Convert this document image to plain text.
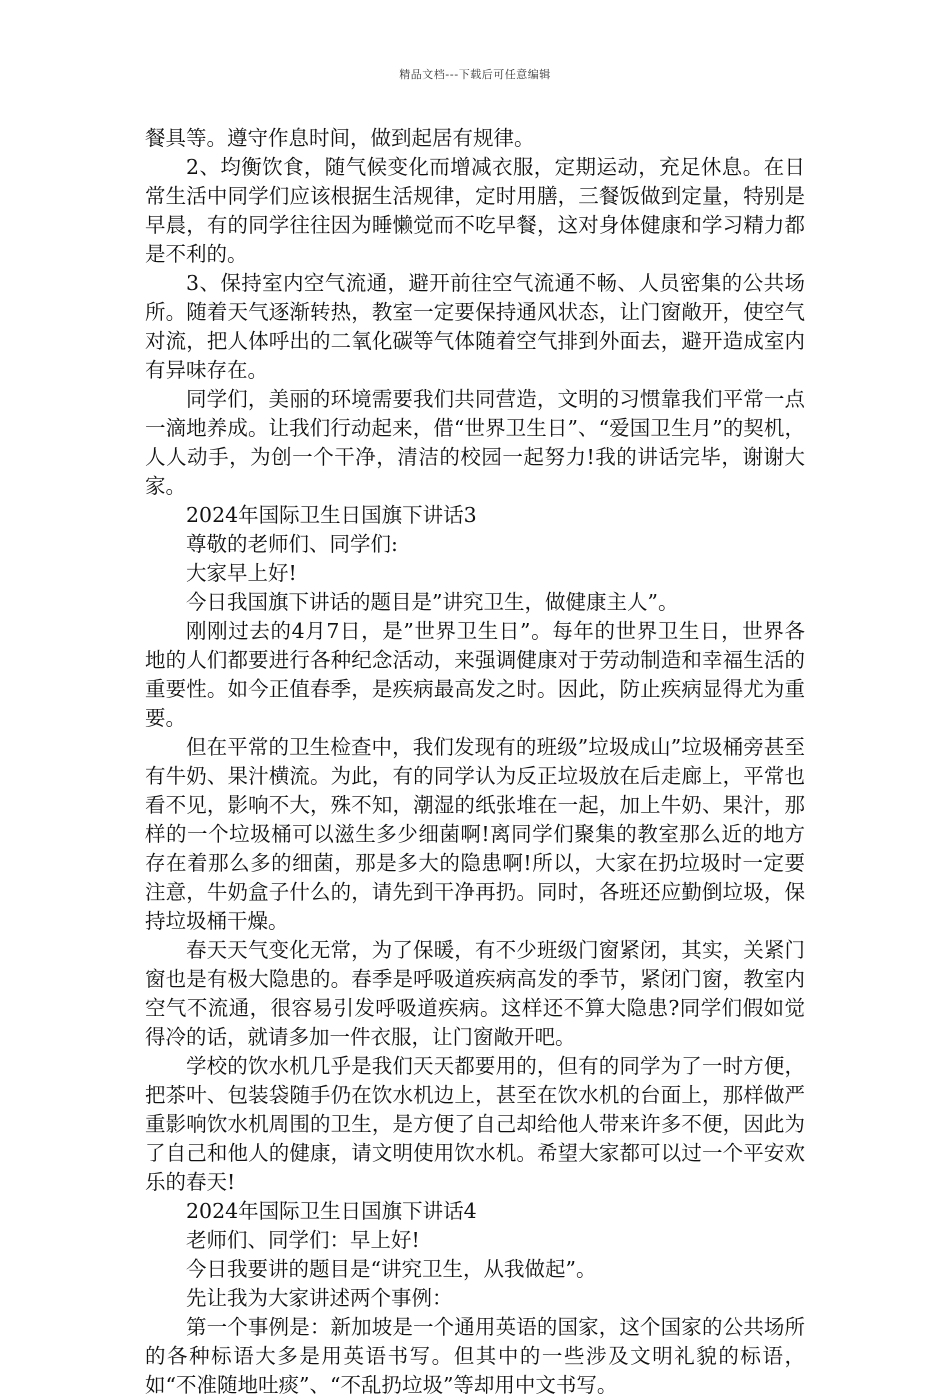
精品文档---下载后可任意编辑

餐具等。遵守作息时间，做到起居有规律。

2、均衡饮食，随气候变化而增减衣服，定期运动，充足休息。在日常生活中同学们应该根据生活规律，定时用膳，三餐饭做到定量，特别是早晨，有的同学往往因为睡懒觉而不吃早餐，这对身体健康和学习精力都是不利的。

3、保持室内空气流通，避开前往空气流通不畅、人员密集的公共场所。随着天气逐渐转热，教室一定要保持通风状态，让门窗敞开，使空气对流，把人体呼出的二氧化碳等气体随着空气排到外面去，避开造成室内有异味存在。

同学们，美丽的环境需要我们共同营造，文明的习惯靠我们平常一点一滴地养成。让我们行动起来，借“世界卫生日”、“爱国卫生月”的契机，人人动手，为创一个干净，清洁的校园一起努力!我的讲话完毕，谢谢大家。

2024年国际卫生日国旗下讲话3

尊敬的老师们、同学们:

大家早上好!

今日我国旗下讲话的题目是”讲究卫生，做健康主人”。

刚刚过去的4月7日，是”世界卫生日”。每年的世界卫生日，世界各地的人们都要进行各种纪念活动，来强调健康对于劳动制造和幸福生活的重要性。如今正值春季，是疾病最高发之时。因此，防止疾病显得尤为重要。

但在平常的卫生检查中，我们发现有的班级”垃圾成山”垃圾桶旁甚至有牛奶、果汁横流。为此，有的同学认为反正垃圾放在后走廊上，平常也看不见，影响不大，殊不知，潮湿的纸张堆在一起，加上牛奶、果汁，那样的一个垃圾桶可以滋生多少细菌啊!离同学们聚集的教室那么近的地方存在着那么多的细菌，那是多大的隐患啊!所以，大家在扔垃圾时一定要注意，牛奶盒子什么的，请先到干净再扔。同时，各班还应勤倒垃圾，保持垃圾桶干燥。

春天天气变化无常，为了保暖，有不少班级门窗紧闭，其实，关紧门窗也是有极大隐患的。春季是呼吸道疾病高发的季节，紧闭门窗，教室内空气不流通，很容易引发呼吸道疾病。这样还不算大隐患?同学们假如觉得冷的话，就请多加一件衣服，让门窗敞开吧。

学校的饮水机几乎是我们天天都要用的，但有的同学为了一时方便，把茶叶、包装袋随手仍在饮水机边上，甚至在饮水机的台面上，那样做严重影响饮水机周围的卫生，是方便了自己却给他人带来许多不便，因此为了自己和他人的健康，请文明使用饮水机。希望大家都可以过一个平安欢乐的春天!

2024年国际卫生日国旗下讲话4

老师们、同学们：早上好!

今日我要讲的题目是“讲究卫生，从我做起”。

先让我为大家讲述两个事例：

第一个事例是：新加坡是一个通用英语的国家，这个国家的公共场所的各种标语大多是用英语书写。但其中的一些涉及文明礼貌的标语，如“不准随地吐痰”、“不乱扔垃圾”等却用中文书写。
